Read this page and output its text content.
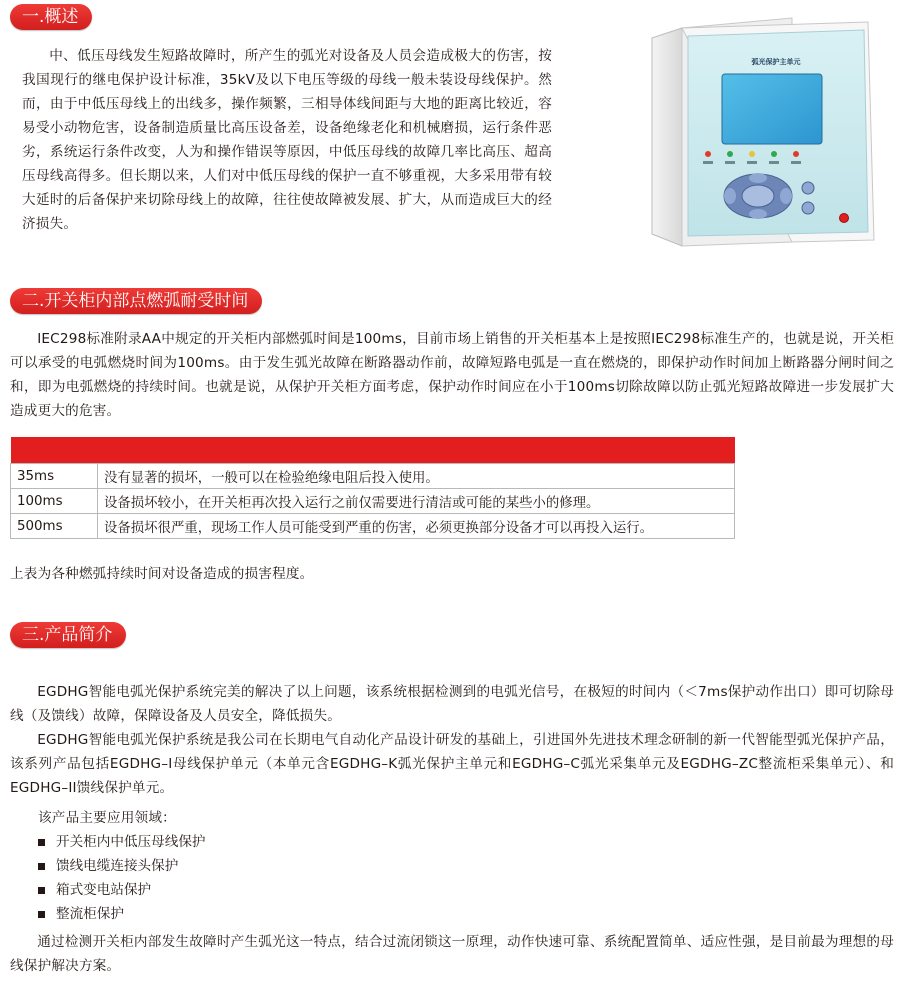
一.概述

中、低压母线发生短路故障时，所产生的弧光对设备及人员会造成极大的伤害，按我国现行的继电保护设计标准，35kV及以下电压等级的母线一般未装设母线保护。然而，由于中低压母线上的出线多，操作频繁，三相导体线间距与大地的距离比较近，容易受小动物危害，设备制造质量比高压设备差，设备绝缘老化和机械磨损，运行条件恶劣，系统运行条件改变，人为和操作错误等原因，中低压母线的故障几率比高压、超高压母线高得多。但长期以来，人们对中低压母线的保护一直不够重视，大多采用带有较大延时的后备保护来切除母线上的故障，往往使故障被发展、扩大，从而造成巨大的经济损失。

弧光保护主单元
二.开关柜内部点燃弧耐受时间

IEC298标准附录AA中规定的开关柜内部燃弧时间是100ms，目前市场上销售的开关柜基本上是按照IEC298标准生产的，也就是说，开关柜可以承受的电弧燃烧时间为100ms。由于发生弧光故障在断路器动作前，故障短路电弧是一直在燃烧的，即保护动作时间加上断路器分闸时间之和，即为电弧燃烧的持续时间。也就是说，从保护开关柜方面考虑，保护动作时间应在小于100ms切除故障以防止弧光短路故障进一步发展扩大造成更大的危害。

35ms	没有显著的损坏，一般可以在检验绝缘电阻后投入使用。
100ms	设备损坏较小，在开关柜再次投入运行之前仅需要进行清洁或可能的某些小的修理。
500ms	设备损坏很严重，现场工作人员可能受到严重的伤害，必须更换部分设备才可以再投入运行。

上表为各种燃弧持续时间对设备造成的损害程度。

三.产品简介

EGDHG智能电弧光保护系统完美的解决了以上问题，该系统根据检测到的电弧光信号，在极短的时间内（＜7ms保护动作出口）即可切除母线（及馈线）故障，保障设备及人员安全，降低损失。

EGDHG智能电弧光保护系统是我公司在长期电气自动化产品设计研发的基础上，引进国外先进技术理念研制的新一代智能型弧光保护产品，该系列产品包括EGDHG–I母线保护单元（本单元含EGDHG–K弧光保护主单元和EGDHG–C弧光采集单元及EGDHG–ZC整流柜采集单元）、和EGDHG–II馈线保护单元。

该产品主要应用领域：

开关柜内中低压母线保护
馈线电缆连接头保护
箱式变电站保护
整流柜保护

通过检测开关柜内部发生故障时产生弧光这一特点，结合过流闭锁这一原理，动作快速可靠、系统配置简单、适应性强，是目前最为理想的母线保护解决方案。
